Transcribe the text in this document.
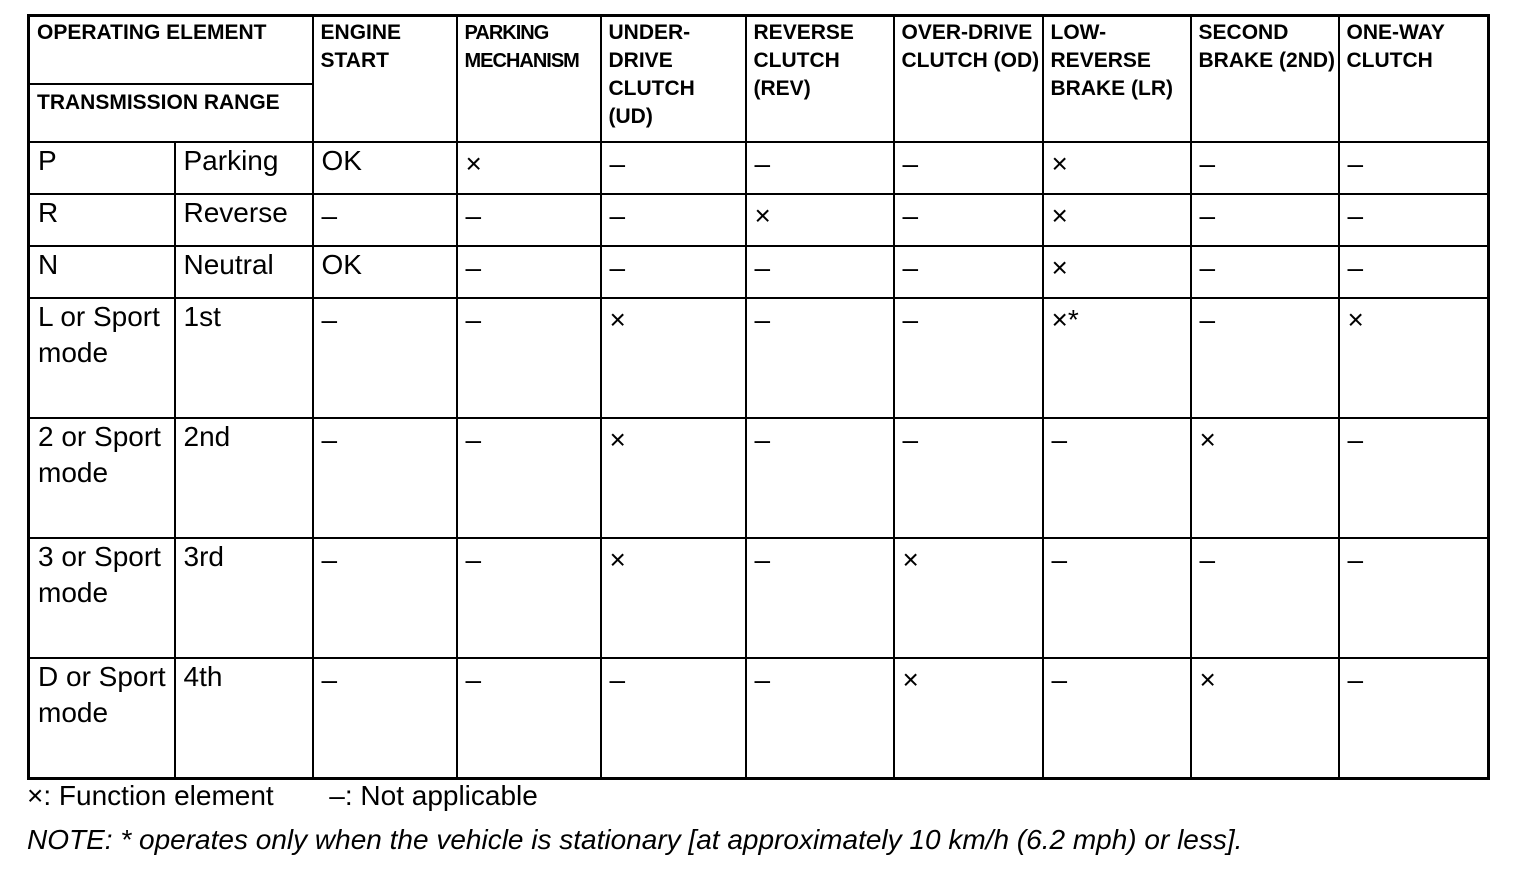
OPERATING ELEMENT		ENGINE START	PARKING MECHANISM	UNDER-DRIVE CLUTCH (UD)	REVERSE CLUTCH (REV)	OVER-DRIVE CLUTCH (OD)	LOW-REVERSE BRAKE (LR)	SECOND BRAKE (2ND)	ONE-WAY CLUTCH
TRANSMISSION RANGE									
P	Parking	OK	×	–	–	–	×	–	–
R	Reverse	–	–	–	×	–	×	–	–
N	Neutral	OK	–	–	–	–	×	–	–
L or Sport mode	1st	–	–	×	–	–	×*	–	×
2 or Sport mode	2nd	–	–	×	–	–	–	×	–
3 or Sport mode	3rd	–	–	×	–	×	–	–	–
D or Sport mode	4th	–	–	–	–	×	–	×	–
×: Function element –: Not applicable
NOTE: * operates only when the vehicle is stationary [at approximately 10 km/h (6.2 mph) or less].
